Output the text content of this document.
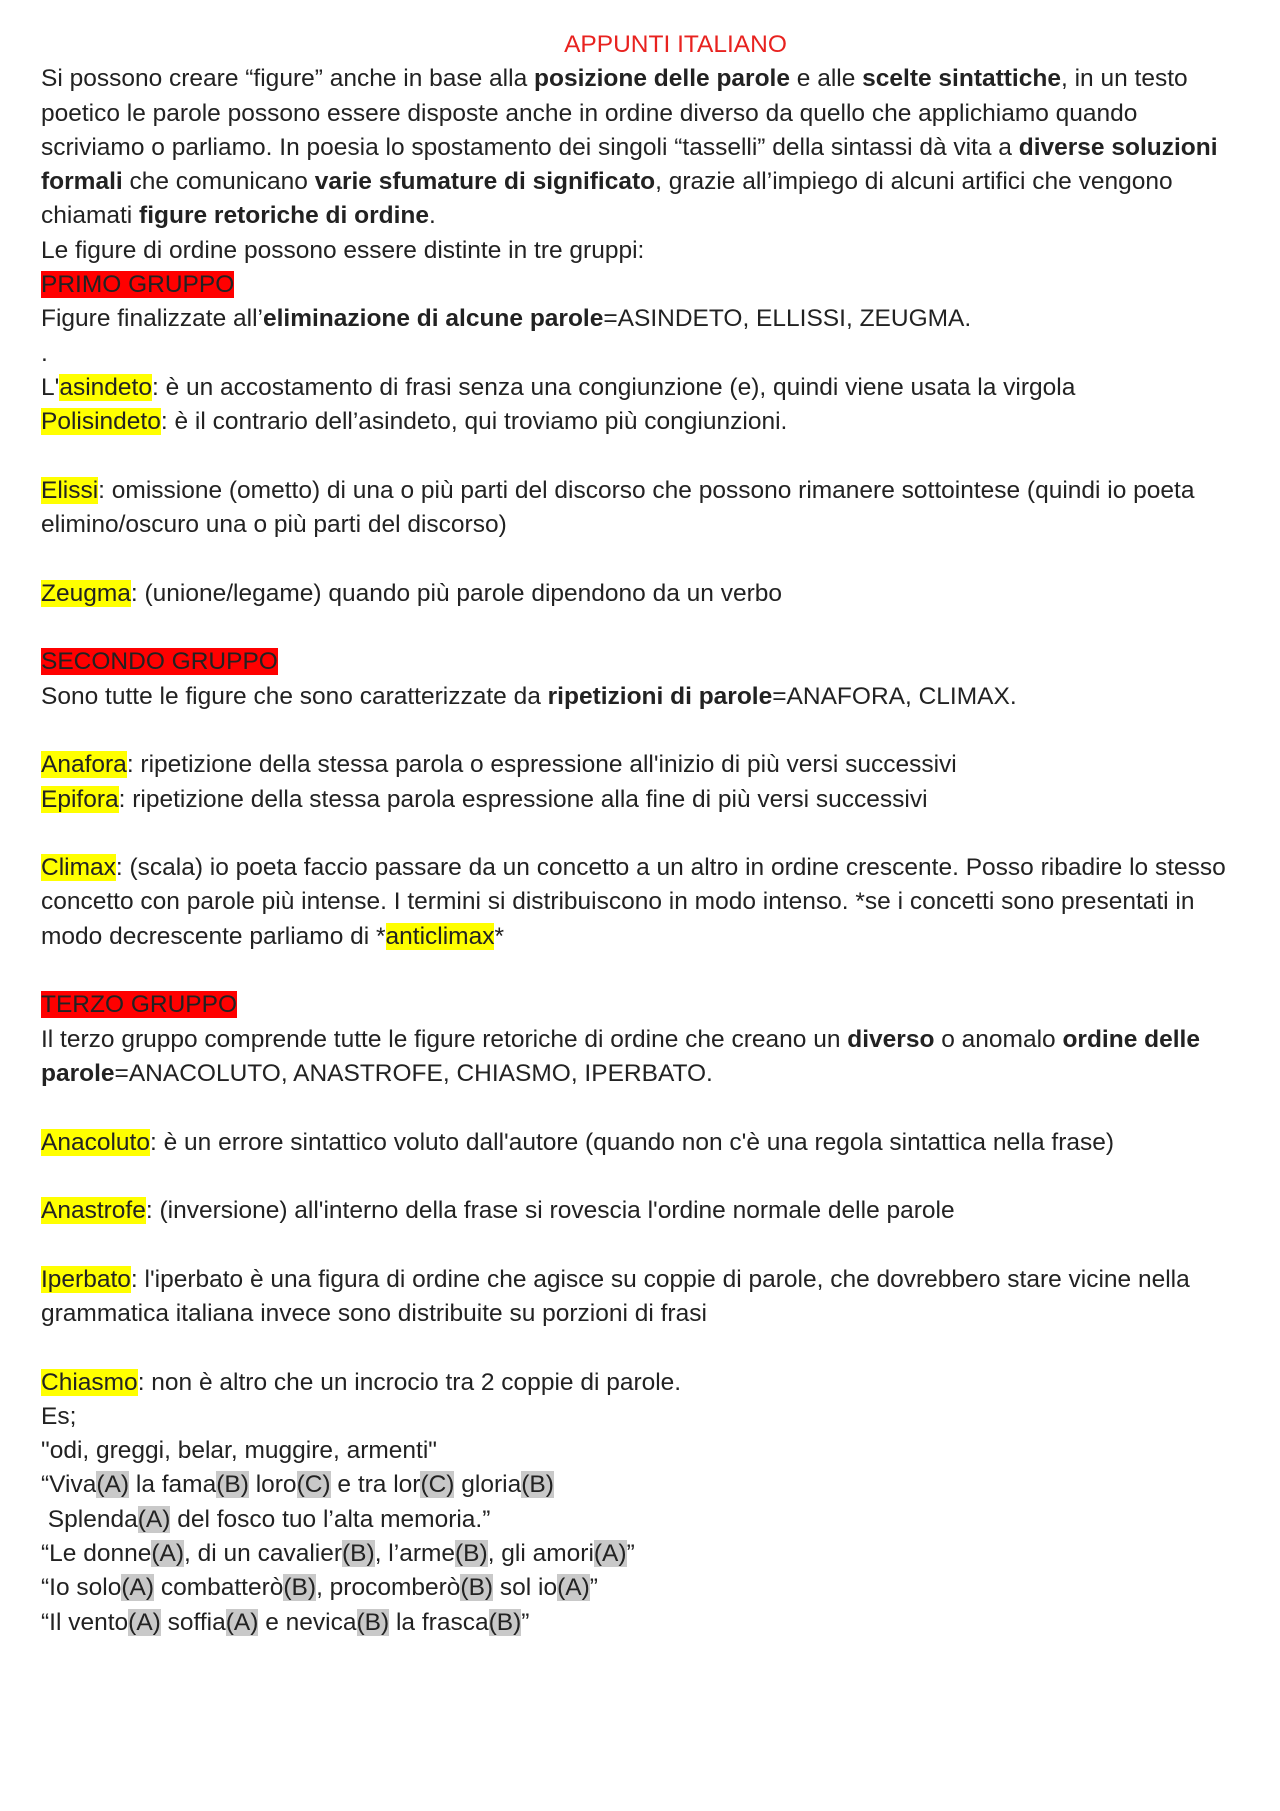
APPUNTI ITALIANO

Si possono creare “figure” anche in base alla posizione delle parole e alle scelte sintattiche, in un testo poetico le parole possono essere disposte anche in ordine diverso da quello che applichiamo quando scriviamo o parliamo. In poesia lo spostamento dei singoli “tasselli” della sintassi dà vita a diverse soluzioni formali che comunicano varie sfumature di significato, grazie all’impiego di alcuni artifici che vengono chiamati figure retoriche di ordine.

Le figure di ordine possono essere distinte in tre gruppi:

PRIMO GRUPPO

Figure finalizzate all’eliminazione di alcune parole=ASINDETO, ELLISSI, ZEUGMA.

.

L'asindeto: è un accostamento di frasi senza una congiunzione (e), quindi viene usata la virgola

Polisindeto: è il contrario dell’asindeto, qui troviamo più congiunzioni.

Elissi: omissione (ometto) di una o più parti del discorso che possono rimanere sottointese (quindi io poeta elimino/oscuro una o più parti del discorso)

Zeugma: (unione/legame) quando più parole dipendono da un verbo

SECONDO GRUPPO

Sono tutte le figure che sono caratterizzate da ripetizioni di parole=ANAFORA, CLIMAX.

Anafora: ripetizione della stessa parola o espressione all'inizio di più versi successivi

Epifora: ripetizione della stessa parola espressione alla fine di più versi successivi

Climax: (scala) io poeta faccio passare da un concetto a un altro in ordine crescente. Posso ribadire lo stesso concetto con parole più intense. I termini si distribuiscono in modo intenso. *se i concetti sono presentati in modo decrescente parliamo di *anticlimax*

TERZO GRUPPO

Il terzo gruppo comprende tutte le figure retoriche di ordine che creano un diverso o anomalo ordine delle parole=ANACOLUTO, ANASTROFE, CHIASMO, IPERBATO.

Anacoluto: è un errore sintattico voluto dall'autore (quando non c'è una regola sintattica nella frase)

Anastrofe: (inversione) all'interno della frase si rovescia l'ordine normale delle parole

Iperbato: l'iperbato è una figura di ordine che agisce su coppie di parole, che dovrebbero stare vicine nella grammatica italiana invece sono distribuite su porzioni di frasi

Chiasmo: non è altro che un incrocio tra 2 coppie di parole.

Es;

"odi, greggi, belar, muggire, armenti"

“Viva(A) la fama(B) loro(C) e tra lor(C) gloria(B)

Splenda(A) del fosco tuo l’alta memoria.”

“Le donne(A), di un cavalier(B), l’arme(B), gli amori(A)”

“Io solo(A) combatterò(B), procomberò(B) sol io(A)”

“Il vento(A) soffia(A) e nevica(B) la frasca(B)”
